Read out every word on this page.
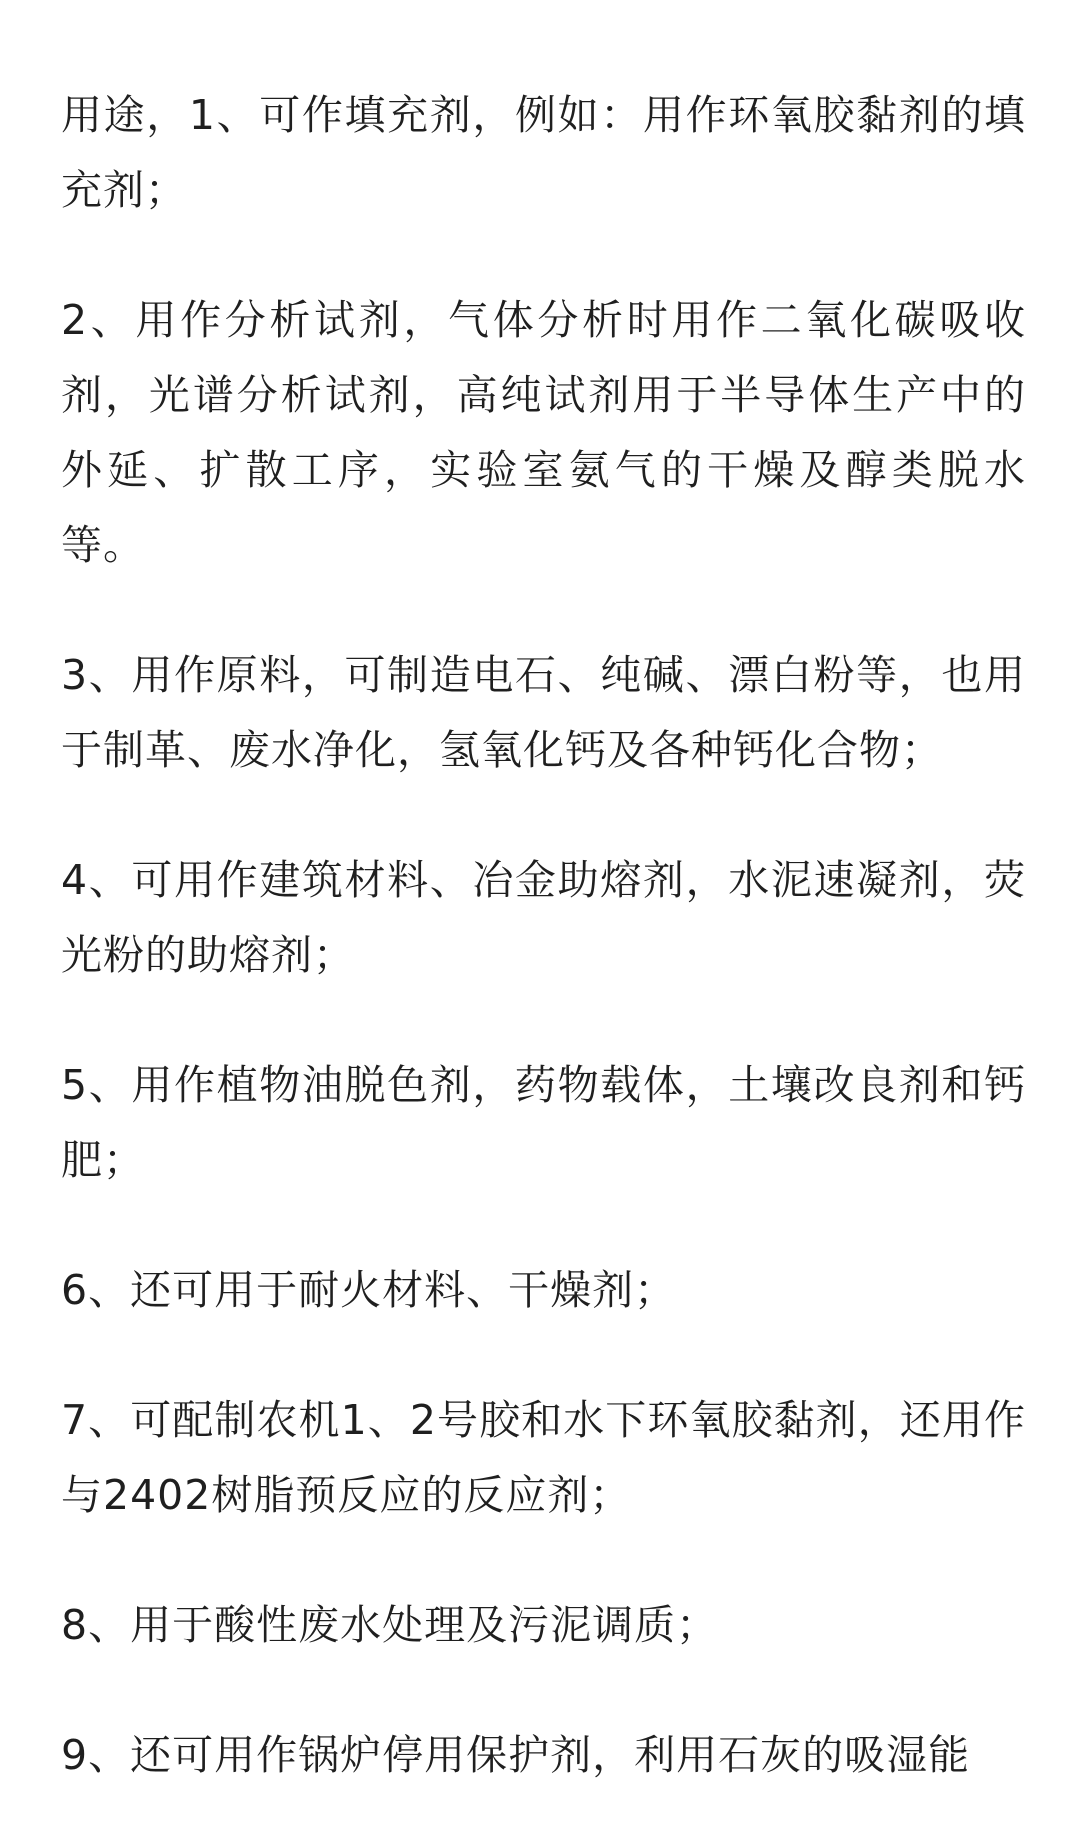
用途，1、可作填充剂，例如：用作环氧胶黏剂的填充剂；

2、用作分析试剂，气体分析时用作二氧化碳吸收剂，光谱分析试剂，高纯试剂用于半导体生产中的外延、扩散工序，实验室氨气的干燥及醇类脱水等。

3、用作原料，可制造电石、纯碱、漂白粉等，也用于制革、废水净化，氢氧化钙及各种钙化合物；

4、可用作建筑材料、冶金助熔剂，水泥速凝剂，荧光粉的助熔剂；

5、用作植物油脱色剂，药物载体，土壤改良剂和钙肥；

6、还可用于耐火材料、干燥剂；

7、可配制农机1、2号胶和水下环氧胶黏剂，还用作与2402树脂预反应的反应剂；

8、用于酸性废水处理及污泥调质；

9、还可用作锅炉停用保护剂，利用石灰的吸湿能
